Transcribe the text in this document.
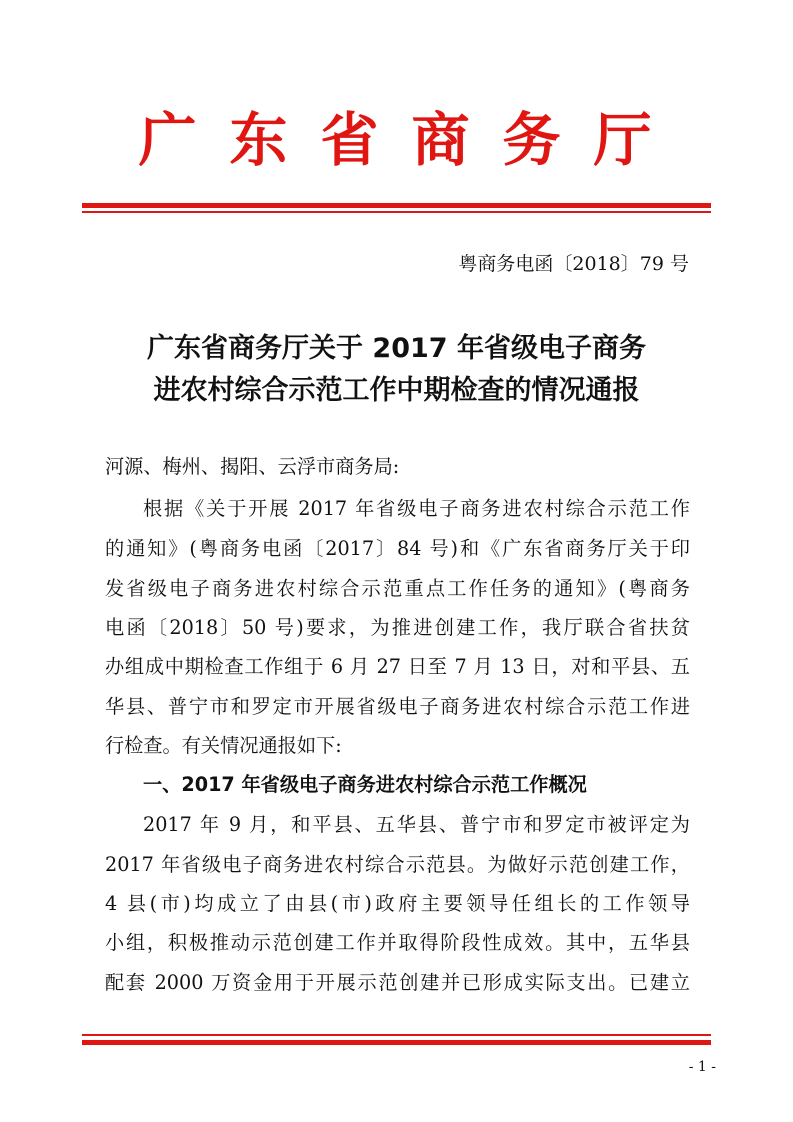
广东省商务厅
粤商务电函〔2018〕79 号
广东省商务厅关于 2017 年省级电子商务
进农村综合示范工作中期检查的情况通报
河源、梅州、揭阳、云浮市商务局:
根据《关于开展 2017 年省级电子商务进农村综合示范工作
的通知》(粤商务电函〔2017〕84 号)和《广东省商务厅关于印
发省级电子商务进农村综合示范重点工作任务的通知》(粤商务
电函〔2018〕50 号)要求，为推进创建工作，我厅联合省扶贫
办组成中期检查工作组于 6 月 27 日至 7 月 13 日，对和平县、五
华县、普宁市和罗定市开展省级电子商务进农村综合示范工作进
行检查。有关情况通报如下:
一、2017 年省级电子商务进农村综合示范工作概况
2017 年 9 月，和平县、五华县、普宁市和罗定市被评定为
2017 年省级电子商务进农村综合示范县。为做好示范创建工作，
4 县(市)均成立了由县(市)政府主要领导任组长的工作领导
小组，积极推动示范创建工作并取得阶段性成效。其中，五华县
配套 2000 万资金用于开展示范创建并已形成实际支出。已建立
- 1 -
